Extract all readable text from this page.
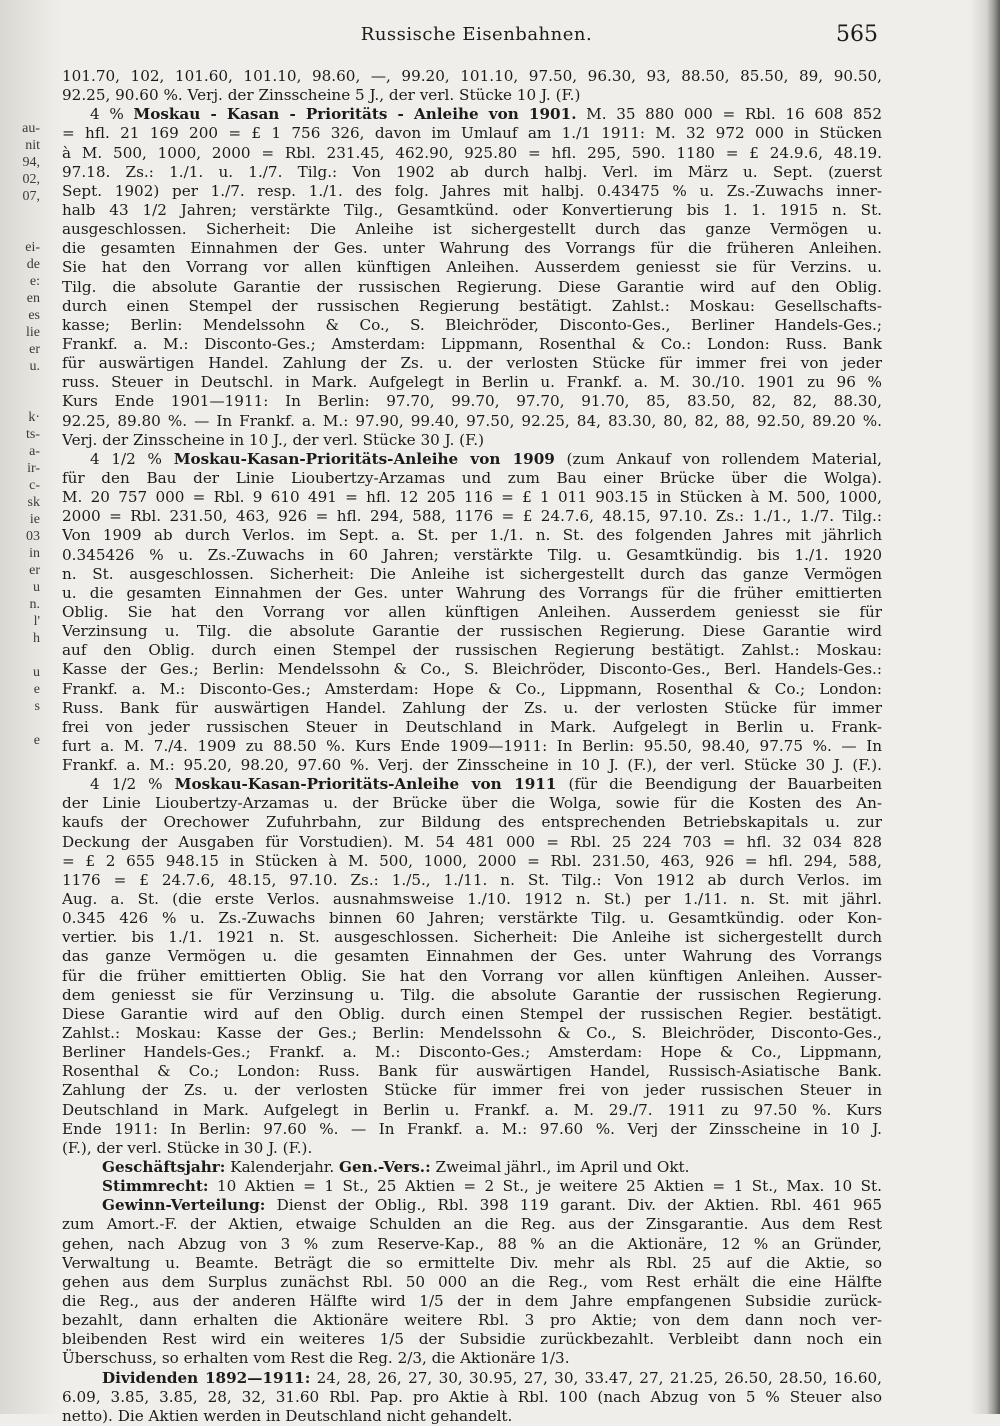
au-
nit
94,
02,
07,
ei-
de
e:
en
es
lie
er
u.
k·
ts-
a-
ir-
c-
sk
ie
03
in
er
u
n.
l'
h
u
e
s
e
Russische Eisenbahnen.	565
101.70, 102, 101.60, 101.10, 98.60, —, 99.20, 101.10, 97.50, 96.30, 93, 88.50, 85.50, 89, 90.50,
92.25, 90.60 %. Verj. der Zinsscheine 5 J., der verl. Stücke 10 J. (F.)
4 % Moskau - Kasan - Prioritäts - Anleihe von 1901. M. 35 880 000 = Rbl. 16 608 852
= hfl. 21 169 200 = £ 1 756 326, davon im Umlauf am 1./1 1911: M. 32 972 000 in Stücken
à M. 500, 1000, 2000 = Rbl. 231.45, 462.90, 925.80 = hfl. 295, 590. 1180 = £ 24.9.6, 48.19.
97.18. Zs.: 1./1. u. 1./7. Tilg.: Von 1902 ab durch halbj. Verl. im März u. Sept. (zuerst
Sept. 1902) per 1./7. resp. 1./1. des folg. Jahres mit halbj. 0.43475 % u. Zs.-Zuwachs inner-
halb 43 1/2 Jahren; verstärkte Tilg., Gesamtkünd. oder Konvertierung bis 1. 1. 1915 n. St.
ausgeschlossen. Sicherheit: Die Anleihe ist sichergestellt durch das ganze Vermögen u.
die gesamten Einnahmen der Ges. unter Wahrung des Vorrangs für die früheren Anleihen.
Sie hat den Vorrang vor allen künftigen Anleihen. Ausserdem geniesst sie für Verzins. u.
Tilg. die absolute Garantie der russischen Regierung. Diese Garantie wird auf den Oblig.
durch einen Stempel der russischen Regierung bestätigt. Zahlst.: Moskau: Gesellschafts-
kasse; Berlin: Mendelssohn & Co., S. Bleichröder, Disconto-Ges., Berliner Handels-Ges.;
Frankf. a. M.: Disconto-Ges.; Amsterdam: Lippmann, Rosenthal & Co.: London: Russ. Bank
für auswärtigen Handel. Zahlung der Zs. u. der verlosten Stücke für immer frei von jeder
russ. Steuer in Deutschl. in Mark. Aufgelegt in Berlin u. Frankf. a. M. 30./10. 1901 zu 96 %
Kurs Ende 1901—1911: In Berlin: 97.70, 99.70, 97.70, 91.70, 85, 83.50, 82, 82, 88.30,
92.25, 89.80 %. — In Frankf. a. M.: 97.90, 99.40, 97.50, 92.25, 84, 83.30, 80, 82, 88, 92.50, 89.20 %.
Verj. der Zinsscheine in 10 J., der verl. Stücke 30 J. (F.)
4 1/2 % Moskau-Kasan-Prioritäts-Anleihe von 1909 (zum Ankauf von rollendem Material,
für den Bau der Linie Lioubertzy-Arzamas und zum Bau einer Brücke über die Wolga).
M. 20 757 000 = Rbl. 9 610 491 = hfl. 12 205 116 = £ 1 011 903.15 in Stücken à M. 500, 1000,
2000 = Rbl. 231.50, 463, 926 = hfl. 294, 588, 1176 = £ 24.7.6, 48.15, 97.10. Zs.: 1./1., 1./7. Tilg.:
Von 1909 ab durch Verlos. im Sept. a. St. per 1./1. n. St. des folgenden Jahres mit jährlich
0.345426 % u. Zs.-Zuwachs in 60 Jahren; verstärkte Tilg. u. Gesamtkündig. bis 1./1. 1920
n. St. ausgeschlossen. Sicherheit: Die Anleihe ist sichergestellt durch das ganze Vermögen
u. die gesamten Einnahmen der Ges. unter Wahrung des Vorrangs für die früher emittierten
Oblig. Sie hat den Vorrang vor allen künftigen Anleihen. Ausserdem geniesst sie für
Verzinsung u. Tilg. die absolute Garantie der russischen Regierung. Diese Garantie wird
auf den Oblig. durch einen Stempel der russischen Regierung bestätigt. Zahlst.: Moskau:
Kasse der Ges.; Berlin: Mendelssohn & Co., S. Bleichröder, Disconto-Ges., Berl. Handels-Ges.:
Frankf. a. M.: Disconto-Ges.; Amsterdam: Hope & Co., Lippmann, Rosenthal & Co.; London:
Russ. Bank für auswärtigen Handel. Zahlung der Zs. u. der verlosten Stücke für immer
frei von jeder russischen Steuer in Deutschland in Mark. Aufgelegt in Berlin u. Frank-
furt a. M. 7./4. 1909 zu 88.50 %. Kurs Ende 1909—1911: In Berlin: 95.50, 98.40, 97.75 %. — In
Frankf. a. M.: 95.20, 98.20, 97.60 %. Verj. der Zinsscheine in 10 J. (F.), der verl. Stücke 30 J. (F.).
4 1/2 % Moskau-Kasan-Prioritäts-Anleihe von 1911 (für die Beendigung der Bauarbeiten
der Linie Lioubertzy-Arzamas u. der Brücke über die Wolga, sowie für die Kosten des An-
kaufs der Orechower Zufuhrbahn, zur Bildung des entsprechenden Betriebskapitals u. zur
Deckung der Ausgaben für Vorstudien). M. 54 481 000 = Rbl. 25 224 703 = hfl. 32 034 828
= £ 2 655 948.15 in Stücken à M. 500, 1000, 2000 = Rbl. 231.50, 463, 926 = hfl. 294, 588,
1176 = £ 24.7.6, 48.15, 97.10. Zs.: 1./5., 1./11. n. St. Tilg.: Von 1912 ab durch Verlos. im
Aug. a. St. (die erste Verlos. ausnahmsweise 1./10. 1912 n. St.) per 1./11. n. St. mit jährl.
0.345 426 % u. Zs.-Zuwachs binnen 60 Jahren; verstärkte Tilg. u. Gesamtkündig. oder Kon-
vertier. bis 1./1. 1921 n. St. ausgeschlossen. Sicherheit: Die Anleihe ist sichergestellt durch
das ganze Vermögen u. die gesamten Einnahmen der Ges. unter Wahrung des Vorrangs
für die früher emittierten Oblig. Sie hat den Vorrang vor allen künftigen Anleihen. Ausser-
dem geniesst sie für Verzinsung u. Tilg. die absolute Garantie der russischen Regierung.
Diese Garantie wird auf den Oblig. durch einen Stempel der russischen Regier. bestätigt.
Zahlst.: Moskau: Kasse der Ges.; Berlin: Mendelssohn & Co., S. Bleichröder, Disconto-Ges.,
Berliner Handels-Ges.; Frankf. a. M.: Disconto-Ges.; Amsterdam: Hope & Co., Lippmann,
Rosenthal & Co.; London: Russ. Bank für auswärtigen Handel, Russisch-Asiatische Bank.
Zahlung der Zs. u. der verlosten Stücke für immer frei von jeder russischen Steuer in
Deutschland in Mark. Aufgelegt in Berlin u. Frankf. a. M. 29./7. 1911 zu 97.50 %. Kurs
Ende 1911: In Berlin: 97.60 %. — In Frankf. a. M.: 97.60 %. Verj der Zinsscheine in 10 J.
(F.), der verl. Stücke in 30 J. (F.).
Geschäftsjahr: Kalenderjahr. Gen.-Vers.: Zweimal jährl., im April und Okt.
Stimmrecht: 10 Aktien = 1 St., 25 Aktien = 2 St., je weitere 25 Aktien = 1 St., Max. 10 St.
Gewinn-Verteilung: Dienst der Oblig., Rbl. 398 119 garant. Div. der Aktien. Rbl. 461 965
zum Amort.-F. der Aktien, etwaige Schulden an die Reg. aus der Zinsgarantie. Aus dem Rest
gehen, nach Abzug von 3 % zum Reserve-Kap., 88 % an die Aktionäre, 12 % an Gründer,
Verwaltung u. Beamte. Beträgt die so ermittelte Div. mehr als Rbl. 25 auf die Aktie, so
gehen aus dem Surplus zunächst Rbl. 50 000 an die Reg., vom Rest erhält die eine Hälfte
die Reg., aus der anderen Hälfte wird 1/5 der in dem Jahre empfangenen Subsidie zurück-
bezahlt, dann erhalten die Aktionäre weitere Rbl. 3 pro Aktie; von dem dann noch ver-
bleibenden Rest wird ein weiteres 1/5 der Subsidie zurückbezahlt. Verbleibt dann noch ein
Überschuss, so erhalten vom Rest die Reg. 2/3, die Aktionäre 1/3.
Dividenden 1892—1911: 24, 28, 26, 27, 30, 30.95, 27, 30, 33.47, 27, 21.25, 26.50, 28.50, 16.60,
6.09, 3.85, 3.85, 28, 32, 31.60 Rbl. Pap. pro Aktie à Rbl. 100 (nach Abzug von 5 % Steuer also
netto). Die Aktien werden in Deutschland nicht gehandelt.
